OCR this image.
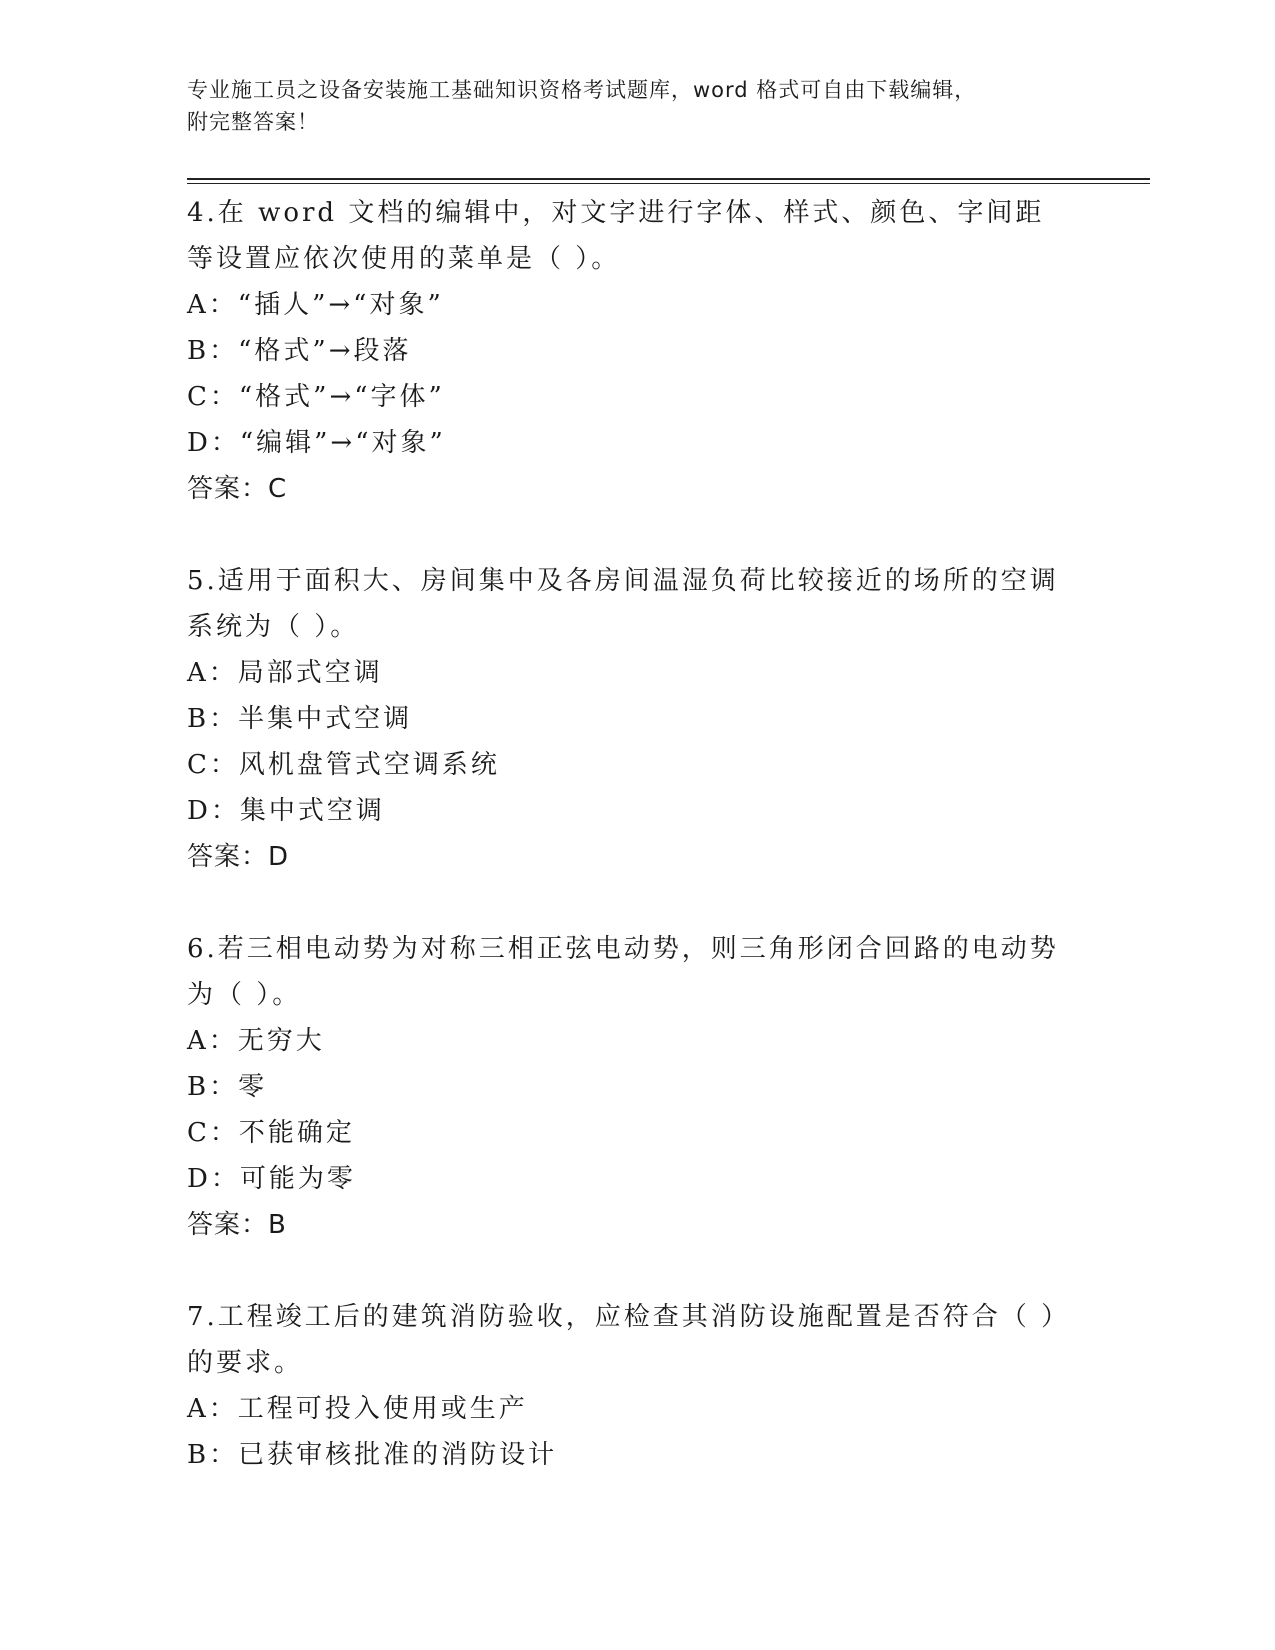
专业施工员之设备安装施工基础知识资格考试题库，word 格式可自由下载编辑，
附完整答案！
4.在 word 文档的编辑中，对文字进行字体、样式、颜色、字间距等设置应依次使用的菜单是（ ）。
A：“插人”→“对象”
B：“格式”→段落
C：“格式”→“字体”
D：“编辑”→“对象”
答案：C
5.适用于面积大、房间集中及各房间温湿负荷比较接近的场所的空调系统为（ ）。
A：局部式空调
B：半集中式空调
C：风机盘管式空调系统
D：集中式空调
答案：D
6.若三相电动势为对称三相正弦电动势，则三角形闭合回路的电动势为（ ）。
A：无穷大
B：零
C：不能确定
D：可能为零
答案：B
7.工程竣工后的建筑消防验收，应检查其消防设施配置是否符合（ ）的要求。
A：工程可投入使用或生产
B：已获审核批准的消防设计
